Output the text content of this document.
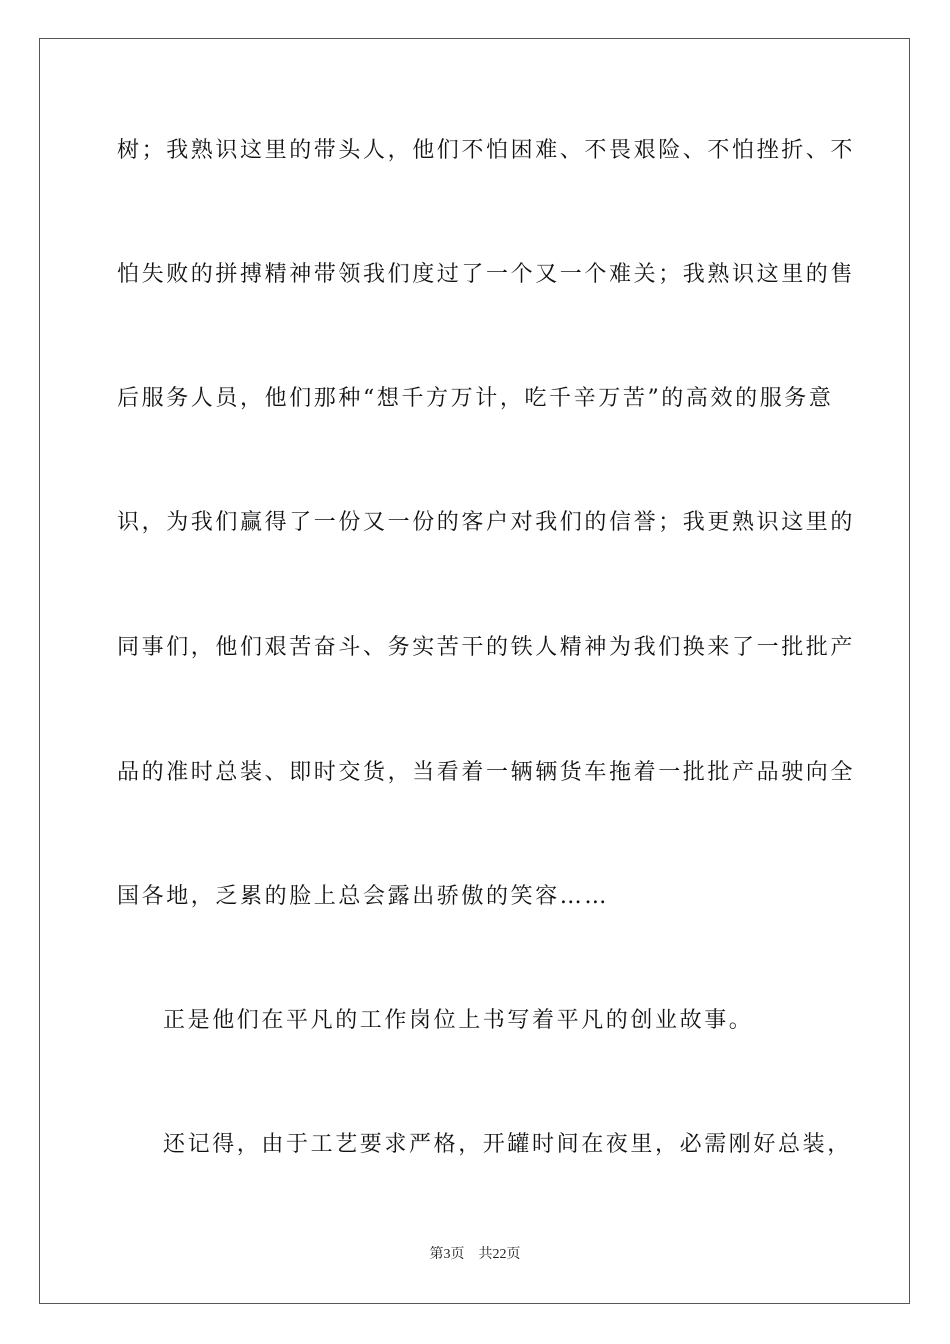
树；我熟识这里的带头人，他们不怕困难、不畏艰险、不怕挫折、不
怕失败的拼搏精神带领我们度过了一个又一个难关；我熟识这里的售
后服务人员，他们那种“想千方万计，吃千辛万苦”的高效的服务意
识，为我们赢得了一份又一份的客户对我们的信誉；我更熟识这里的
同事们，他们艰苦奋斗、务实苦干的铁人精神为我们换来了一批批产
品的准时总装、即时交货，当看着一辆辆货车拖着一批批产品驶向全
国各地，乏累的脸上总会露出骄傲的笑容……
正是他们在平凡的工作岗位上书写着平凡的创业故事。
还记得，由于工艺要求严格，开罐时间在夜里，必需刚好总装，
第3页 共22页
